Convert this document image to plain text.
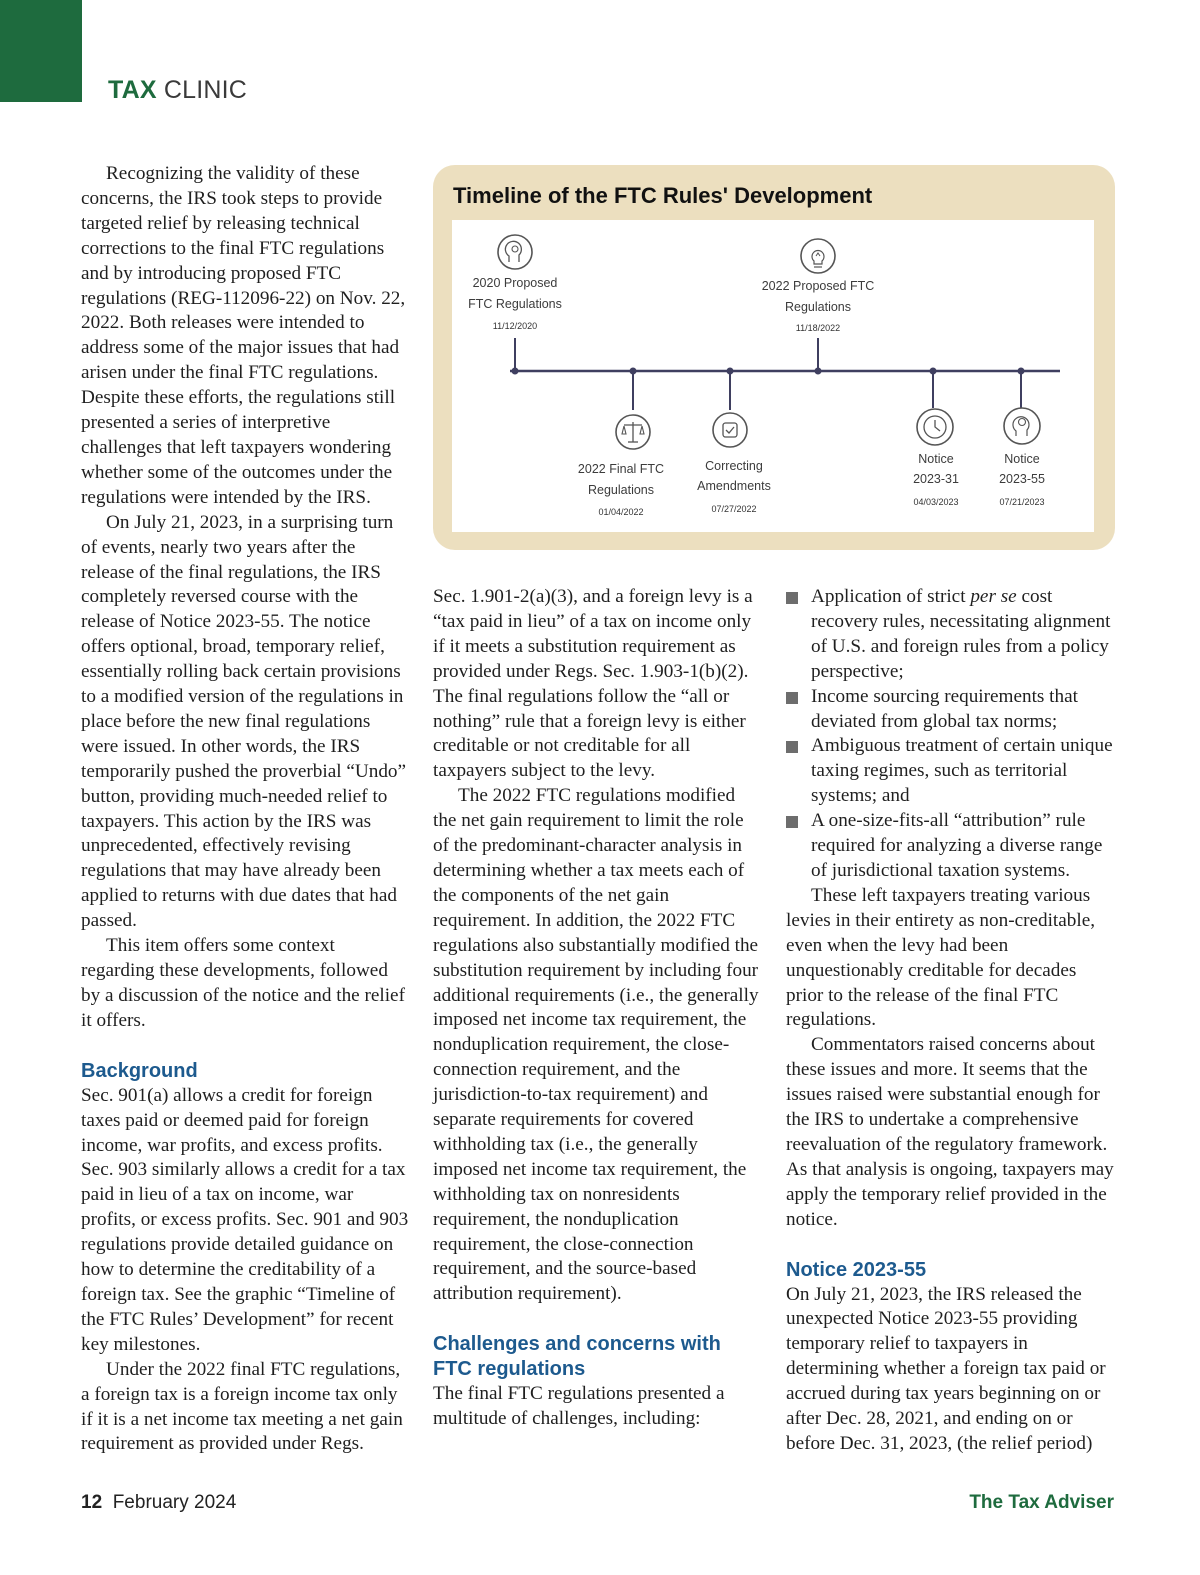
TAX CLINIC

Recognizing the validity of these concerns, the IRS took steps to provide targeted relief by releasing technical corrections to the final FTC regulations and by introducing proposed FTC regulations (REG-112096-22) on Nov. 22, 2022. Both releases were intended to address some of the major issues that had arisen under the final FTC regulations. Despite these efforts, the regulations still presented a series of interpretive challenges that left taxpayers wondering whether some of the outcomes under the regulations were intended by the IRS.

On July 21, 2023, in a surprising turn of events, nearly two years after the release of the final regulations, the IRS completely reversed course with the release of Notice 2023-55. The notice offers optional, broad, temporary relief, essentially rolling back certain provisions to a modified version of the regulations in place before the new final regulations were issued. In other words, the IRS temporarily pushed the proverbial “Undo” button, providing much-needed relief to taxpayers. This action by the IRS was unprecedented, effectively revising regulations that may have already been applied to returns with due dates that had passed.

This item offers some context regarding these developments, followed by a discussion of the notice and the relief it offers.

Background

Sec. 901(a) allows a credit for foreign taxes paid or deemed paid for foreign income, war profits, and excess profits. Sec. 903 similarly allows a credit for a tax paid in lieu of a tax on income, war profits, or excess profits. Sec. 901 and 903 regulations provide detailed guidance on how to determine the creditability of a foreign tax. See the graphic “Timeline of the FTC Rules’ Development” for recent key milestones.

Under the 2022 final FTC regulations, a foreign tax is a foreign income tax only if it is a net income tax meeting a net gain requirement as provided under Regs.

Timeline of the FTC Rules' Development
2020 Proposed
FTC Regulations
11/12/2020
2022 Final FTC
Regulations
01/04/2022
Correcting
Amendments
07/27/2022
2022 Proposed FTC
Regulations
11/18/2022
Notice
2023-31
04/03/2023
Notice
2023-55
07/21/2023

Sec. 1.901-2(a)(3), and a foreign levy is a “tax paid in lieu” of a tax on income only if it meets a substitution requirement as provided under Regs. Sec. 1.903-1(b)(2). The final regulations follow the “all or nothing” rule that a foreign levy is either creditable or not creditable for all taxpayers subject to the levy.

The 2022 FTC regulations modified the net gain requirement to limit the role of the predominant-character analysis in determining whether a tax meets each of the components of the net gain requirement. In addition, the 2022 FTC regulations also substantially modified the substitution requirement by including four additional requirements (i.e., the generally imposed net income tax requirement, the nonduplication requirement, the close-connection requirement, and the jurisdiction-to-tax requirement) and separate requirements for covered withholding tax (i.e., the generally imposed net income tax requirement, the withholding tax on nonresidents requirement, the nonduplication requirement, the close-connection requirement, and the source-based attribution requirement).

Challenges and concerns with FTC regulations

The final FTC regulations presented a multitude of challenges, including:

Application of strict per se cost recovery rules, necessitating alignment of U.S. and foreign rules from a policy perspective;
Income sourcing requirements that deviated from global tax norms;
Ambiguous treatment of certain unique taxing regimes, such as territorial systems; and
A one-size-fits-all “attribution” rule required for analyzing a diverse range of jurisdictional taxation systems.

These left taxpayers treating various levies in their entirety as non-creditable, even when the levy had been unquestionably creditable for decades prior to the release of the final FTC regulations.

Commentators raised concerns about these issues and more. It seems that the issues raised were substantial enough for the IRS to undertake a comprehensive reevaluation of the regulatory framework. As that analysis is ongoing, taxpayers may apply the temporary relief provided in the notice.

Notice 2023-55

On July 21, 2023, the IRS released the unexpected Notice 2023-55 providing temporary relief to taxpayers in determining whether a foreign tax paid or accrued during tax years beginning on or after Dec. 28, 2021, and ending on or before Dec. 31, 2023, (the relief period)

12 February 2024	The Tax Adviser
